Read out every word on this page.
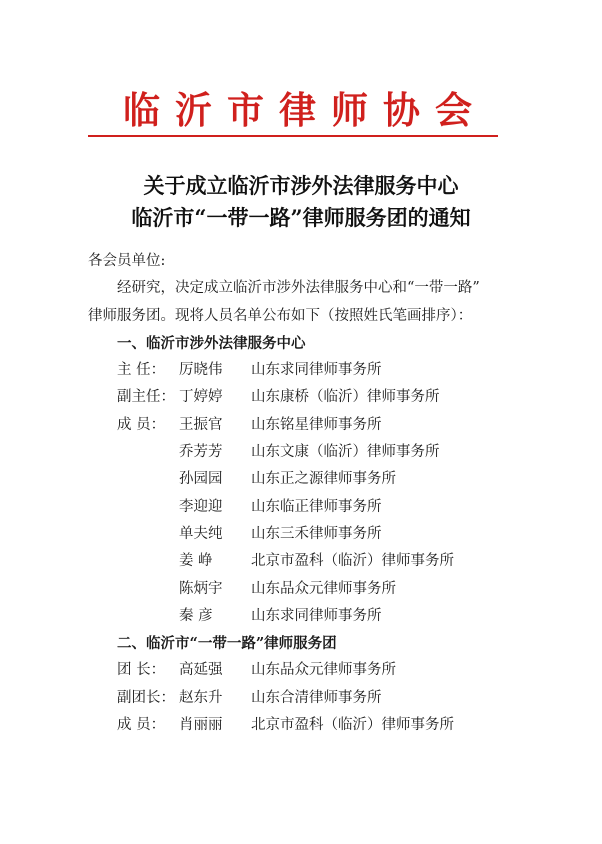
临沂市律师协会
关于成立临沂市涉外法律服务中心
临沂市“一带一路”律师服务团的通知
各会员单位:
经研究，决定成立临沂市涉外法律服务中心和“一带一路”
律师服务团。现将人员名单公布如下（按照姓氏笔画排序）：
一、临沂市涉外法律服务中心
主 任： 厉晓伟	山东求同律师事务所
副主任： 丁婷婷	山东康桥（临沂）律师事务所
成 员： 王振官	山东铭星律师事务所
乔芳芳	山东文康（临沂）律师事务所
孙园园	山东正之源律师事务所
李迎迎	山东临正律师事务所
单夫纯	山东三禾律师事务所
姜 峥	北京市盈科（临沂）律师事务所
陈炳宇	山东品众元律师事务所
秦 彦	山东求同律师事务所
二、临沂市“一带一路”律师服务团
团 长： 高延强	山东品众元律师事务所
副团长： 赵东升	山东合清律师事务所
成 员： 肖丽丽	北京市盈科（临沂）律师事务所
